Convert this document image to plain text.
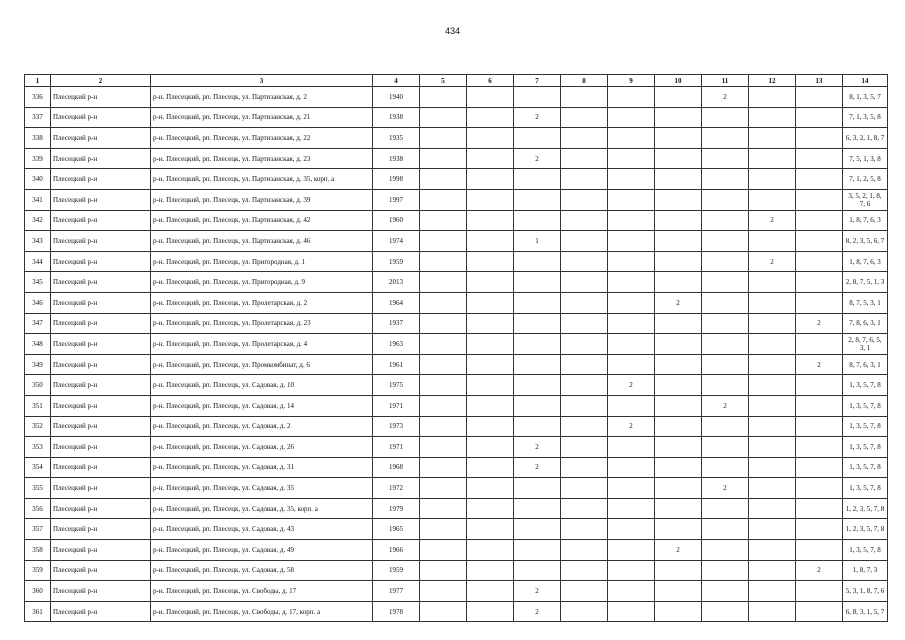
434
1	2	3	4	5	6	7	8	9	10	11	12	13	14
336	Плесецкий р-н	р-н. Плесецкий, рп. Плесецк, ул. Партизанская, д. 2	1940							2			8, 1, 3, 5, 7
337	Плесецкий р-н	р-н. Плесецкий, рп. Плесецк, ул. Партизанская, д. 21	1938			2							7, 1, 3, 5, 8
338	Плесецкий р-н	р-н. Плесецкий, рп. Плесецк, ул. Партизанская, д. 22	1935										6, 3, 2, 1, 8, 7
339	Плесецкий р-н	р-н. Плесецкий, рп. Плесецк, ул. Партизанская, д. 23	1938			2							7, 5, 1, 3, 8
340	Плесецкий р-н	р-н. Плесецкий, рп. Плесецк, ул. Партизанская, д. 35, корп. а	1998										7, 1, 2, 5, 8
341	Плесецкий р-н	р-н. Плесецкий, рп. Плесецк, ул. Партизанская, д. 39	1997										3, 5, 2, 1, 8, 7, 6
342	Плесецкий р-н	р-н. Плесецкий, рп. Плесецк, ул. Партизанская, д. 42	1960								2		1, 8, 7, 6, 3
343	Плесецкий р-н	р-н. Плесецкий, рп. Плесецк, ул. Партизанская, д. 46	1974			1							8, 2, 3, 5, 6, 7
344	Плесецкий р-н	р-н. Плесецкий, рп. Плесецк, ул. Пригородная, д. 1	1959								2		1, 8, 7, 6, 3
345	Плесецкий р-н	р-н. Плесецкий, рп. Плесецк, ул. Пригородная, д. 9	2013										2, 8, 7, 5, 1, 3
346	Плесецкий р-н	р-н. Плесецкий, рп. Плесецк, ул. Пролетарская, д. 2	1964						2				8, 7, 5, 3, 1
347	Плесецкий р-н	р-н. Плесецкий, рп. Плесецк, ул. Пролетарская, д. 23	1937									2	7, 8, 6, 3, 1
348	Плесецкий р-н	р-н. Плесецкий, рп. Плесецк, ул. Пролетарская, д. 4	1963										2, 8, 7, 6, 5, 3, 1
349	Плесецкий р-н	р-н. Плесецкий, рп. Плесецк, ул. Промкомбинат, д. 6	1961									2	8, 7, 6, 3, 1
350	Плесецкий р-н	р-н. Плесецкий, рп. Плесецк, ул. Садовая, д. 10	1975					2					1, 3, 5, 7, 8
351	Плесецкий р-н	р-н. Плесецкий, рп. Плесецк, ул. Садовая, д. 14	1971							2			1, 3, 5, 7, 8
352	Плесецкий р-н	р-н. Плесецкий, рп. Плесецк, ул. Садовая, д. 2	1973					2					1, 3, 5, 7, 8
353	Плесецкий р-н	р-н. Плесецкий, рп. Плесецк, ул. Садовая, д. 26	1971			2							1, 3, 5, 7, 8
354	Плесецкий р-н	р-н. Плесецкий, рп. Плесецк, ул. Садовая, д. 31	1968			2							1, 3, 5, 7, 8
355	Плесецкий р-н	р-н. Плесецкий, рп. Плесецк, ул. Садовая, д. 35	1972							2			1, 3, 5, 7, 8
356	Плесецкий р-н	р-н. Плесецкий, рп. Плесецк, ул. Садовая, д. 35, корп. а	1979										1, 2, 3, 5, 7, 8
357	Плесецкий р-н	р-н. Плесецкий, рп. Плесецк, ул. Садовая, д. 43	1965										1, 2, 3, 5, 7, 8
358	Плесецкий р-н	р-н. Плесецкий, рп. Плесецк, ул. Садовая, д. 49	1966						2				1, 3, 5, 7, 8
359	Плесецкий р-н	р-н. Плесецкий, рп. Плесецк, ул. Садовая, д. 58	1959									2	1, 8, 7, 3
360	Плесецкий р-н	р-н. Плесецкий, рп. Плесецк, ул. Свободы, д. 17	1977			2							5, 3, 1, 8, 7, 6
361	Плесецкий р-н	р-н. Плесецкий, рп. Плесецк, ул. Свободы, д. 17, корп. а	1978			2							6, 8, 3, 1, 5, 7
